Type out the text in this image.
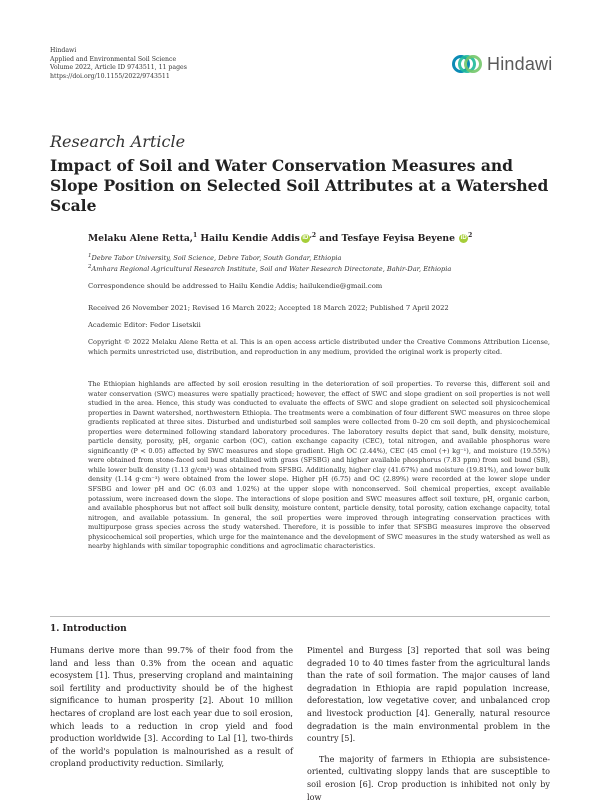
Hindawi
Applied and Environmental Soil Science
Volume 2022, Article ID 9743511, 11 pages
https://doi.org/10.1155/2022/9743511
Hindawi
Research Article
Impact of Soil and Water Conservation Measures and Slope Position on Selected Soil Attributes at a Watershed Scale
Melaku Alene Retta,$^1$ Hailu Kendie Addis iD $^{,2}$ and Tesfaye Feyisa Beyene iD $^2$
$^1$Debre Tabor University, Soil Science, Debre Tabor, South Gondar, Ethiopia
$^2$Amhara Regional Agricultural Research Institute, Soil and Water Research Directorate, Bahir-Dar, Ethiopia
Correspondence should be addressed to Hailu Kendie Addis; hailukendie@gmail.com
Received 26 November 2021; Revised 16 March 2022; Accepted 18 March 2022; Published 7 April 2022
Academic Editor: Fedor Lisetskii
Copyright © 2022 Melaku Alene Retta et al. This is an open access article distributed under the Creative Commons Attribution License, which permits unrestricted use, distribution, and reproduction in any medium, provided the original work is properly cited.
The Ethiopian highlands are affected by soil erosion resulting in the deterioration of soil properties. To reverse this, different soil and water conservation (SWC) measures were spatially practiced; however, the effect of SWC and slope gradient on soil properties is not well studied in the area. Hence, this study was conducted to evaluate the effects of SWC and slope gradient on selected soil physicochemical properties in Dawnt watershed, northwestern Ethiopia. The treatments were a combination of four different SWC measures on three slope gradients replicated at three sites. Disturbed and undisturbed soil samples were collected from 0–20 cm soil depth, and physicochemical properties were determined following standard laboratory procedures. The laboratory results depict that sand, bulk density, moisture, particle density, porosity, pH, organic carbon (OC), cation exchange capacity (CEC), total nitrogen, and available phosphorus were significantly (P < 0.05) affected by SWC measures and slope gradient. High OC (2.44%), CEC (45 cmol (+) kg⁻¹), and moisture (19.55%) were obtained from stone-faced soil bund stabilized with grass (SFSBG) and higher available phosphorus (7.83 ppm) from soil bund (SB), while lower bulk density (1.13 g/cm³) was obtained from SFSBG. Additionally, higher clay (41.67%) and moisture (19.81%), and lower bulk density (1.14 g·cm⁻³) were obtained from the lower slope. Higher pH (6.75) and OC (2.89%) were recorded at the lower slope under SFSBG and lower pH and OC (6.03 and 1.02%) at the upper slope with nonconserved. Soil chemical properties, except available potassium, were increased down the slope. The interactions of slope position and SWC measures affect soil texture, pH, organic carbon, and available phosphorus but not affect soil bulk density, moisture content, particle density, total porosity, cation exchange capacity, total nitrogen, and available potassium. In general, the soil properties were improved through integrating conservation practices with multipurpose grass species across the study watershed. Therefore, it is possible to infer that SFSBG measures improve the observed physicochemical soil properties, which urge for the maintenance and the development of SWC measures in the study watershed as well as nearby highlands with similar topographic conditions and agroclimatic characteristics.
1. Introduction

Humans derive more than 99.7% of their food from the land and less than 0.3% from the ocean and aquatic ecosystem [1]. Thus, preserving cropland and maintaining soil fertility and productivity should be of the highest significance to human prosperity [2]. About 10 million hectares of cropland are lost each year due to soil erosion, which leads to a reduction in crop yield and food production worldwide [3]. According to Lal [1], two-thirds of the world's population is malnourished as a result of cropland productivity reduction. Similarly,

Pimentel and Burgess [3] reported that soil was being degraded 10 to 40 times faster from the agricultural lands than the rate of soil formation. The major causes of land degradation in Ethiopia are rapid population increase, deforestation, low vegetative cover, and unbalanced crop and livestock production [4]. Generally, natural resource degradation is the main environmental problem in the country [5].

The majority of farmers in Ethiopia are subsistence-oriented, cultivating sloppy lands that are susceptible to soil erosion [6]. Crop production is inhibited not only by low
